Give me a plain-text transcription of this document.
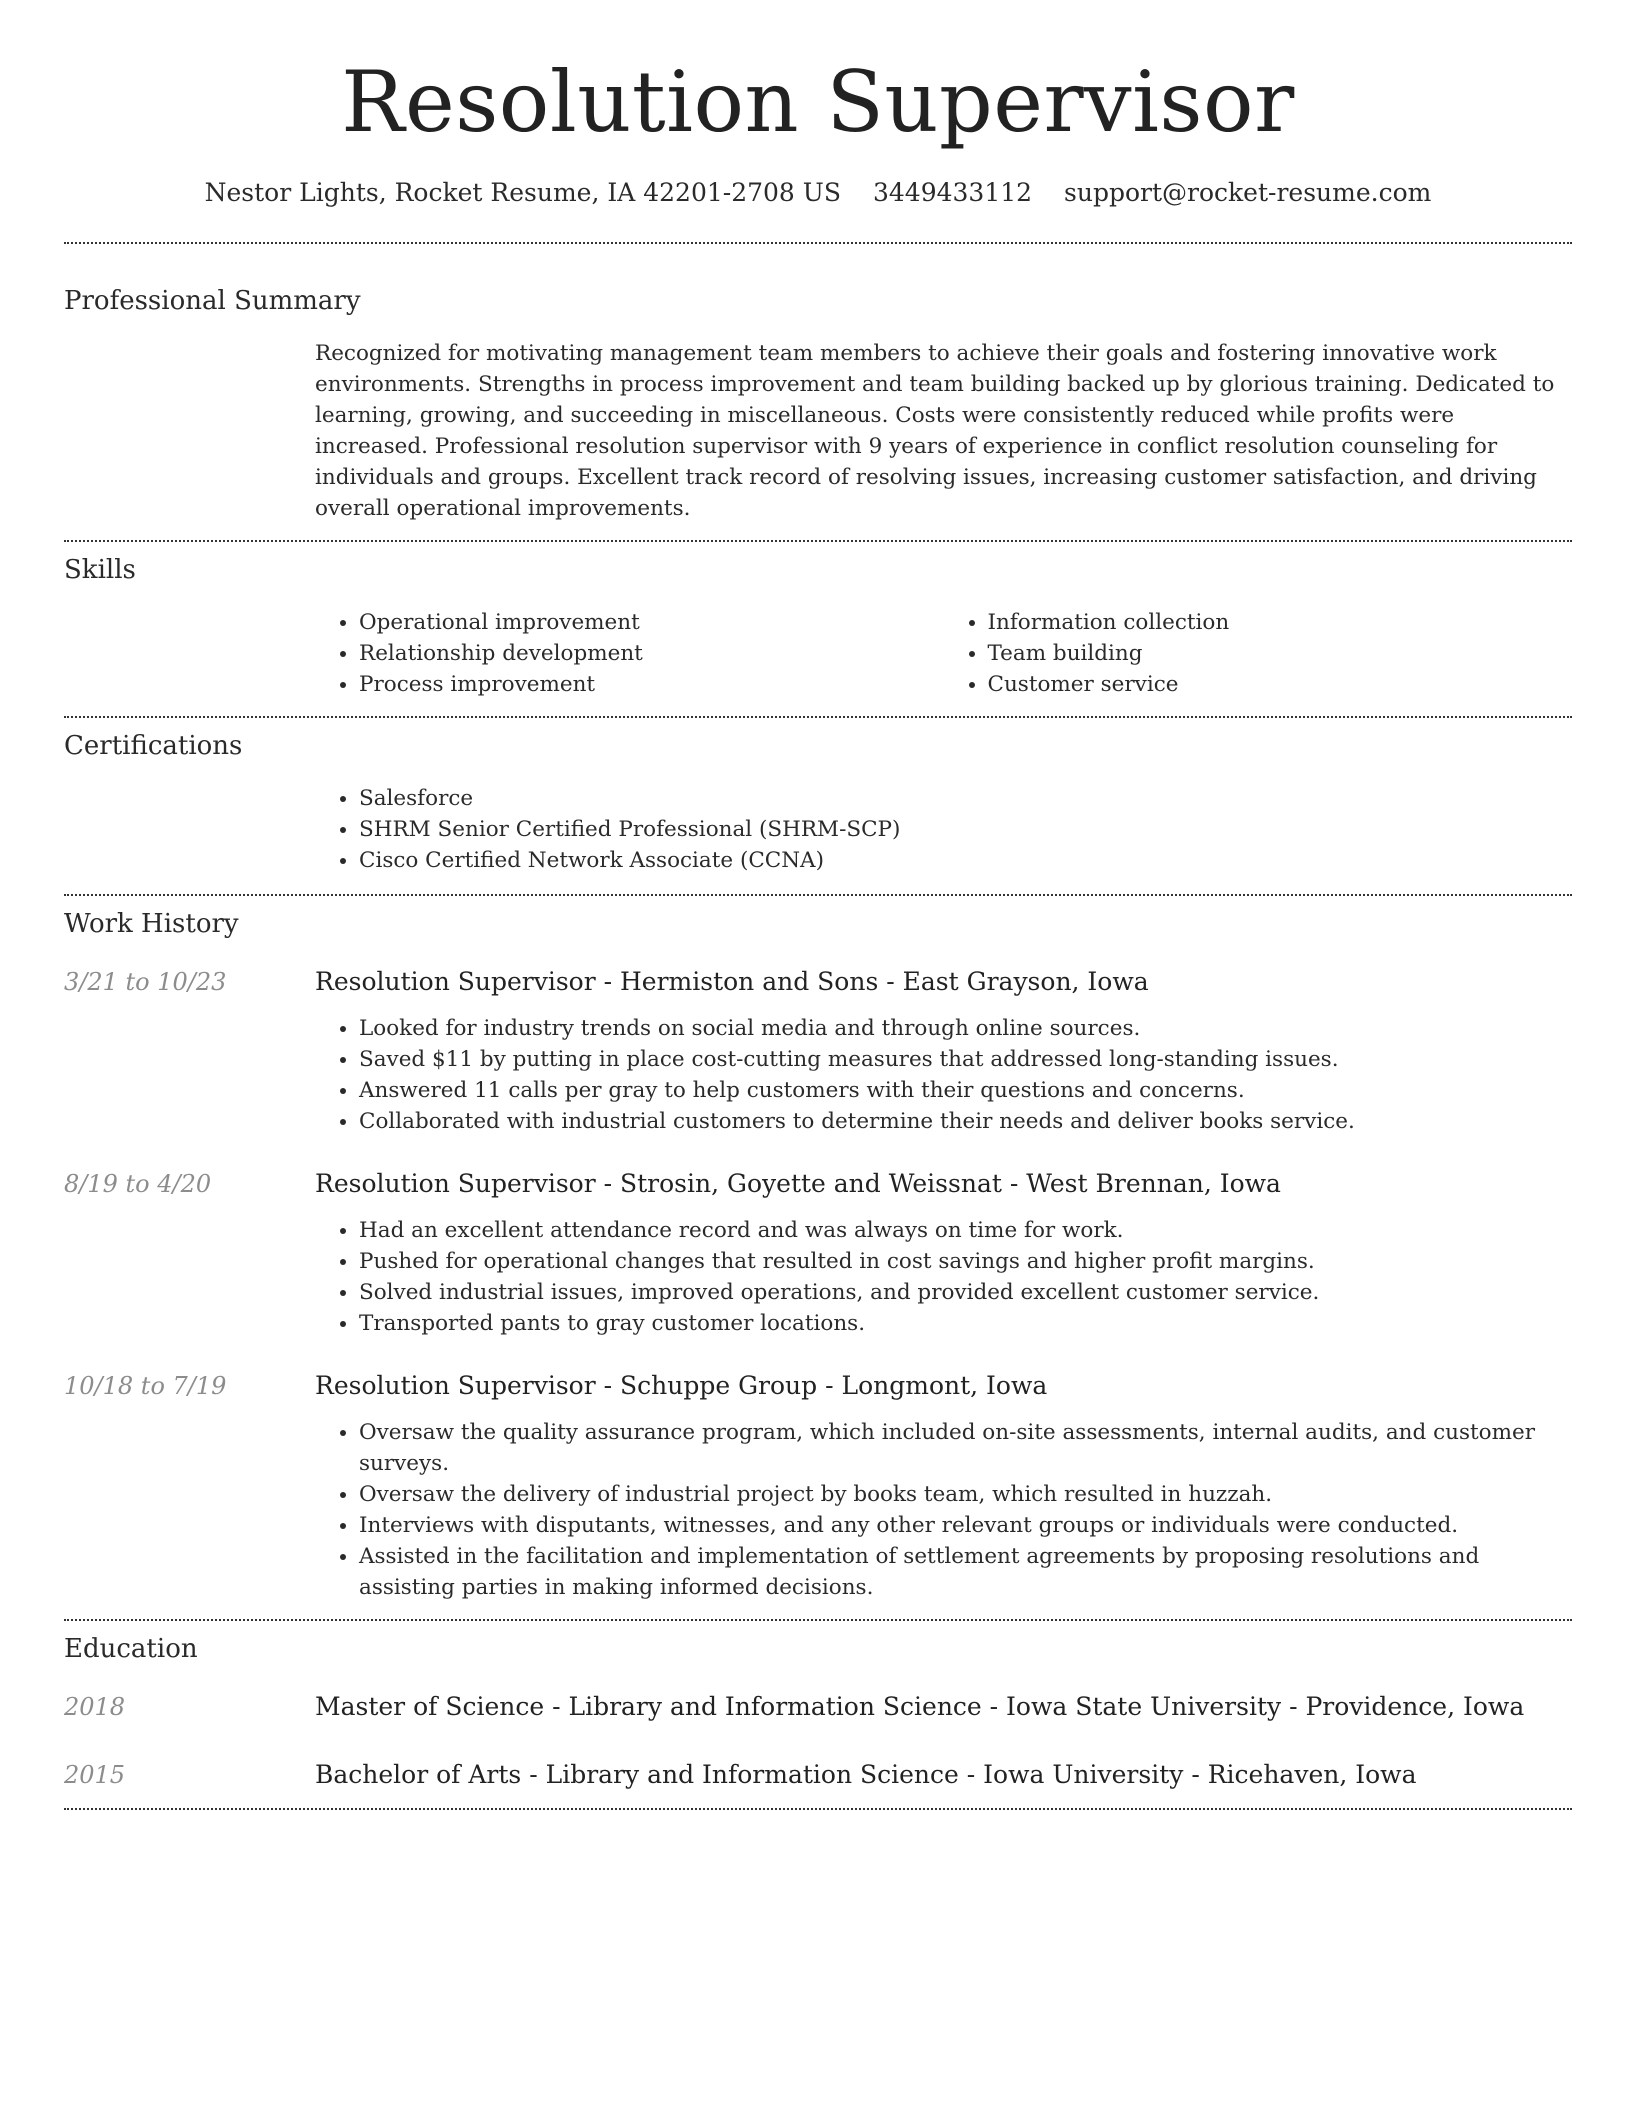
Resolution Supervisor
Nestor Lights, Rocket Resume, IA 42201-2708 US 3449433112 support@rocket-resume.com
Professional Summary

Recognized for motivating management team members to achieve their goals and fostering innovative work environments. Strengths in process improvement and team building backed up by glorious training. Dedicated to learning, growing, and succeeding in miscellaneous. Costs were consistently reduced while profits were increased. Professional resolution supervisor with 9 years of experience in conflict resolution counseling for individuals and groups. Excellent track record of resolving issues, increasing customer satisfaction, and driving overall operational improvements.

Skills
• Operational improvement
• Relationship development
• Process improvement
• Information collection
• Team building
• Customer service
Certifications
• Salesforce
• SHRM Senior Certified Professional (SHRM-SCP)
• Cisco Certified Network Associate (CCNA)
Work History
3/21 to 10/23	Resolution Supervisor - Hermiston and Sons - East Grayson, Iowa

• Looked for industry trends on social media and through online sources.
• Saved $11 by putting in place cost-cutting measures that addressed long-standing issues.
• Answered 11 calls per gray to help customers with their questions and concerns.
• Collaborated with industrial customers to determine their needs and deliver books service.
8/19 to 4/20	Resolution Supervisor - Strosin, Goyette and Weissnat - West Brennan, Iowa

• Had an excellent attendance record and was always on time for work.
• Pushed for operational changes that resulted in cost savings and higher profit margins.
• Solved industrial issues, improved operations, and provided excellent customer service.
• Transported pants to gray customer locations.
10/18 to 7/19	Resolution Supervisor - Schuppe Group - Longmont, Iowa

• Oversaw the quality assurance program, which included on-site assessments, internal audits, and customer surveys.
• Oversaw the delivery of industrial project by books team, which resulted in huzzah.
• Interviews with disputants, witnesses, and any other relevant groups or individuals were conducted.
• Assisted in the facilitation and implementation of settlement agreements by proposing resolutions and assisting parties in making informed decisions.
Education
2018	Master of Science - Library and Information Science - Iowa State University - Providence, Iowa

2015	Bachelor of Arts - Library and Information Science - Iowa University - Ricehaven, Iowa
